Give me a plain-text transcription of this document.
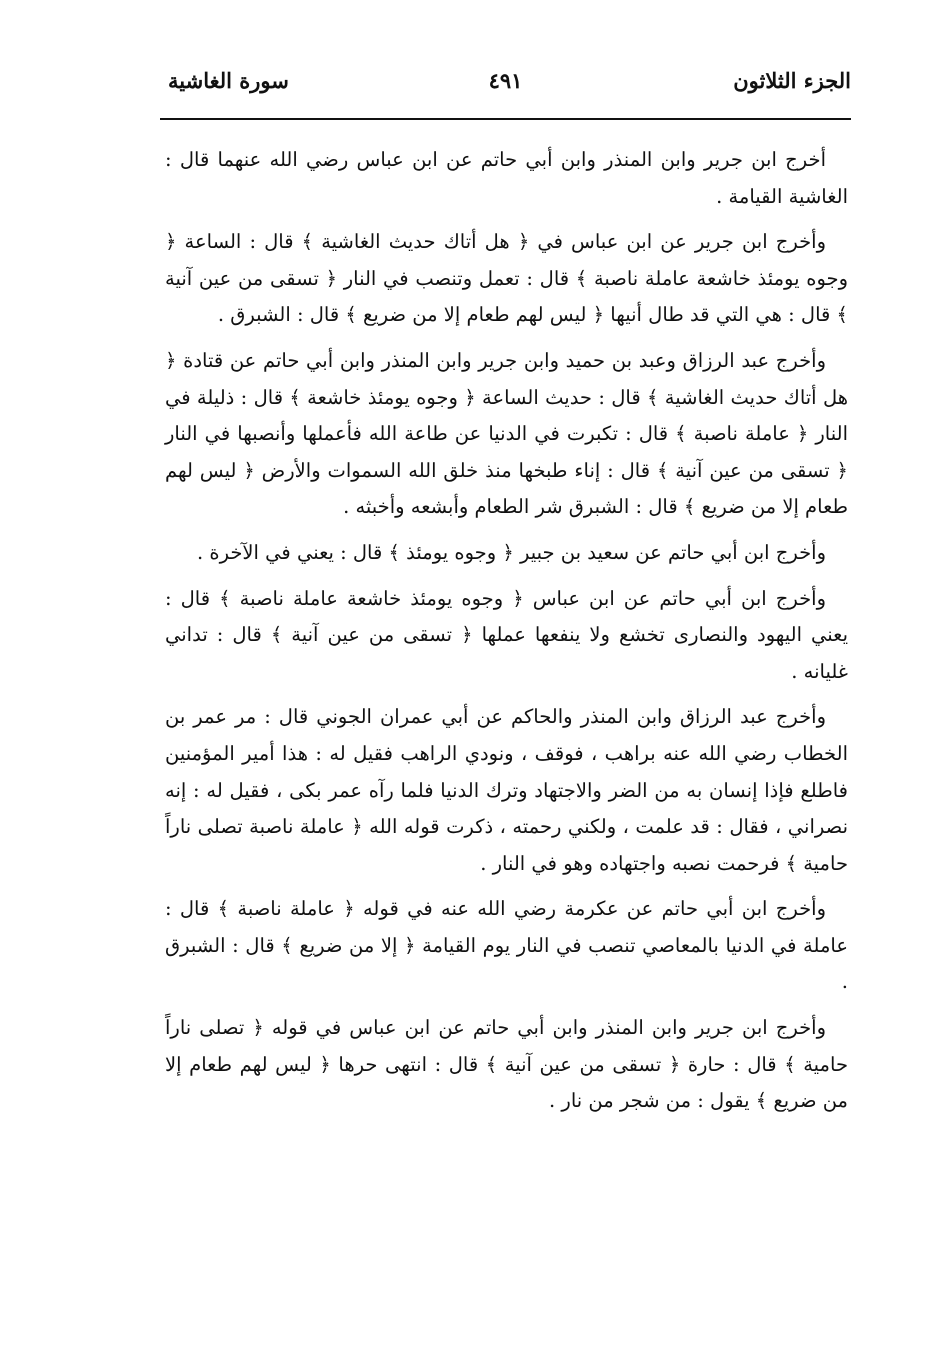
الجزء الثلاثون
٤٩١
سورة الغاشية

أخرج ابن جرير وابن المنذر وابن أبي حاتم عن ابن عباس رضي الله عنهما قال : الغاشية القيامة .

وأخرج ابن جرير عن ابن عباس في ﴿ هل أتاك حديث الغاشية ﴾ قال : الساعة ﴿ وجوه يومئذ خاشعة عاملة ناصبة ﴾ قال : تعمل وتنصب في النار ﴿ تسقى من عين آنية ﴾ قال : هي التي قد طال أنيها ﴿ ليس لهم طعام إلا من ضريع ﴾ قال : الشبرق .

وأخرج عبد الرزاق وعبد بن حميد وابن جرير وابن المنذر وابن أبي حاتم عن قتادة ﴿ هل أتاك حديث الغاشية ﴾ قال : حديث الساعة ﴿ وجوه يومئذ خاشعة ﴾ قال : ذليلة في النار ﴿ عاملة ناصبة ﴾ قال : تكبرت في الدنيا عن طاعة الله فأعملها وأنصبها في النار ﴿ تسقى من عين آنية ﴾ قال : إناء طبخها منذ خلق الله السموات والأرض ﴿ ليس لهم طعام إلا من ضريع ﴾ قال : الشبرق شر الطعام وأبشعه وأخبثه .

وأخرج ابن أبي حاتم عن سعيد بن جبير ﴿ وجوه يومئذ ﴾ قال : يعني في الآخرة .

وأخرج ابن أبي حاتم عن ابن عباس ﴿ وجوه يومئذ خاشعة عاملة ناصبة ﴾ قال : يعني اليهود والنصارى تخشع ولا ينفعها عملها ﴿ تسقى من عين آنية ﴾ قال : تداني غليانه .

وأخرج عبد الرزاق وابن المنذر والحاكم عن أبي عمران الجوني قال : مر عمر بن الخطاب رضي الله عنه براهب ، فوقف ، ونودي الراهب فقيل له : هذا أمير المؤمنين فاطلع فإذا إنسان به من الضر والاجتهاد وترك الدنيا فلما رآه عمر بكى ، فقيل له : إنه نصراني ، فقال : قد علمت ، ولكني رحمته ، ذكرت قوله الله ﴿ عاملة ناصبة تصلى ناراً حامية ﴾ فرحمت نصبه واجتهاده وهو في النار .

وأخرج ابن أبي حاتم عن عكرمة رضي الله عنه في قوله ﴿ عاملة ناصبة ﴾ قال : عاملة في الدنيا بالمعاصي تنصب في النار يوم القيامة ﴿ إلا من ضريع ﴾ قال : الشبرق .

وأخرج ابن جرير وابن المنذر وابن أبي حاتم عن ابن عباس في قوله ﴿ تصلى ناراً حامية ﴾ قال : حارة ﴿ تسقى من عين آنية ﴾ قال : انتهى حرها ﴿ ليس لهم طعام إلا من ضريع ﴾ يقول : من شجر من نار .
